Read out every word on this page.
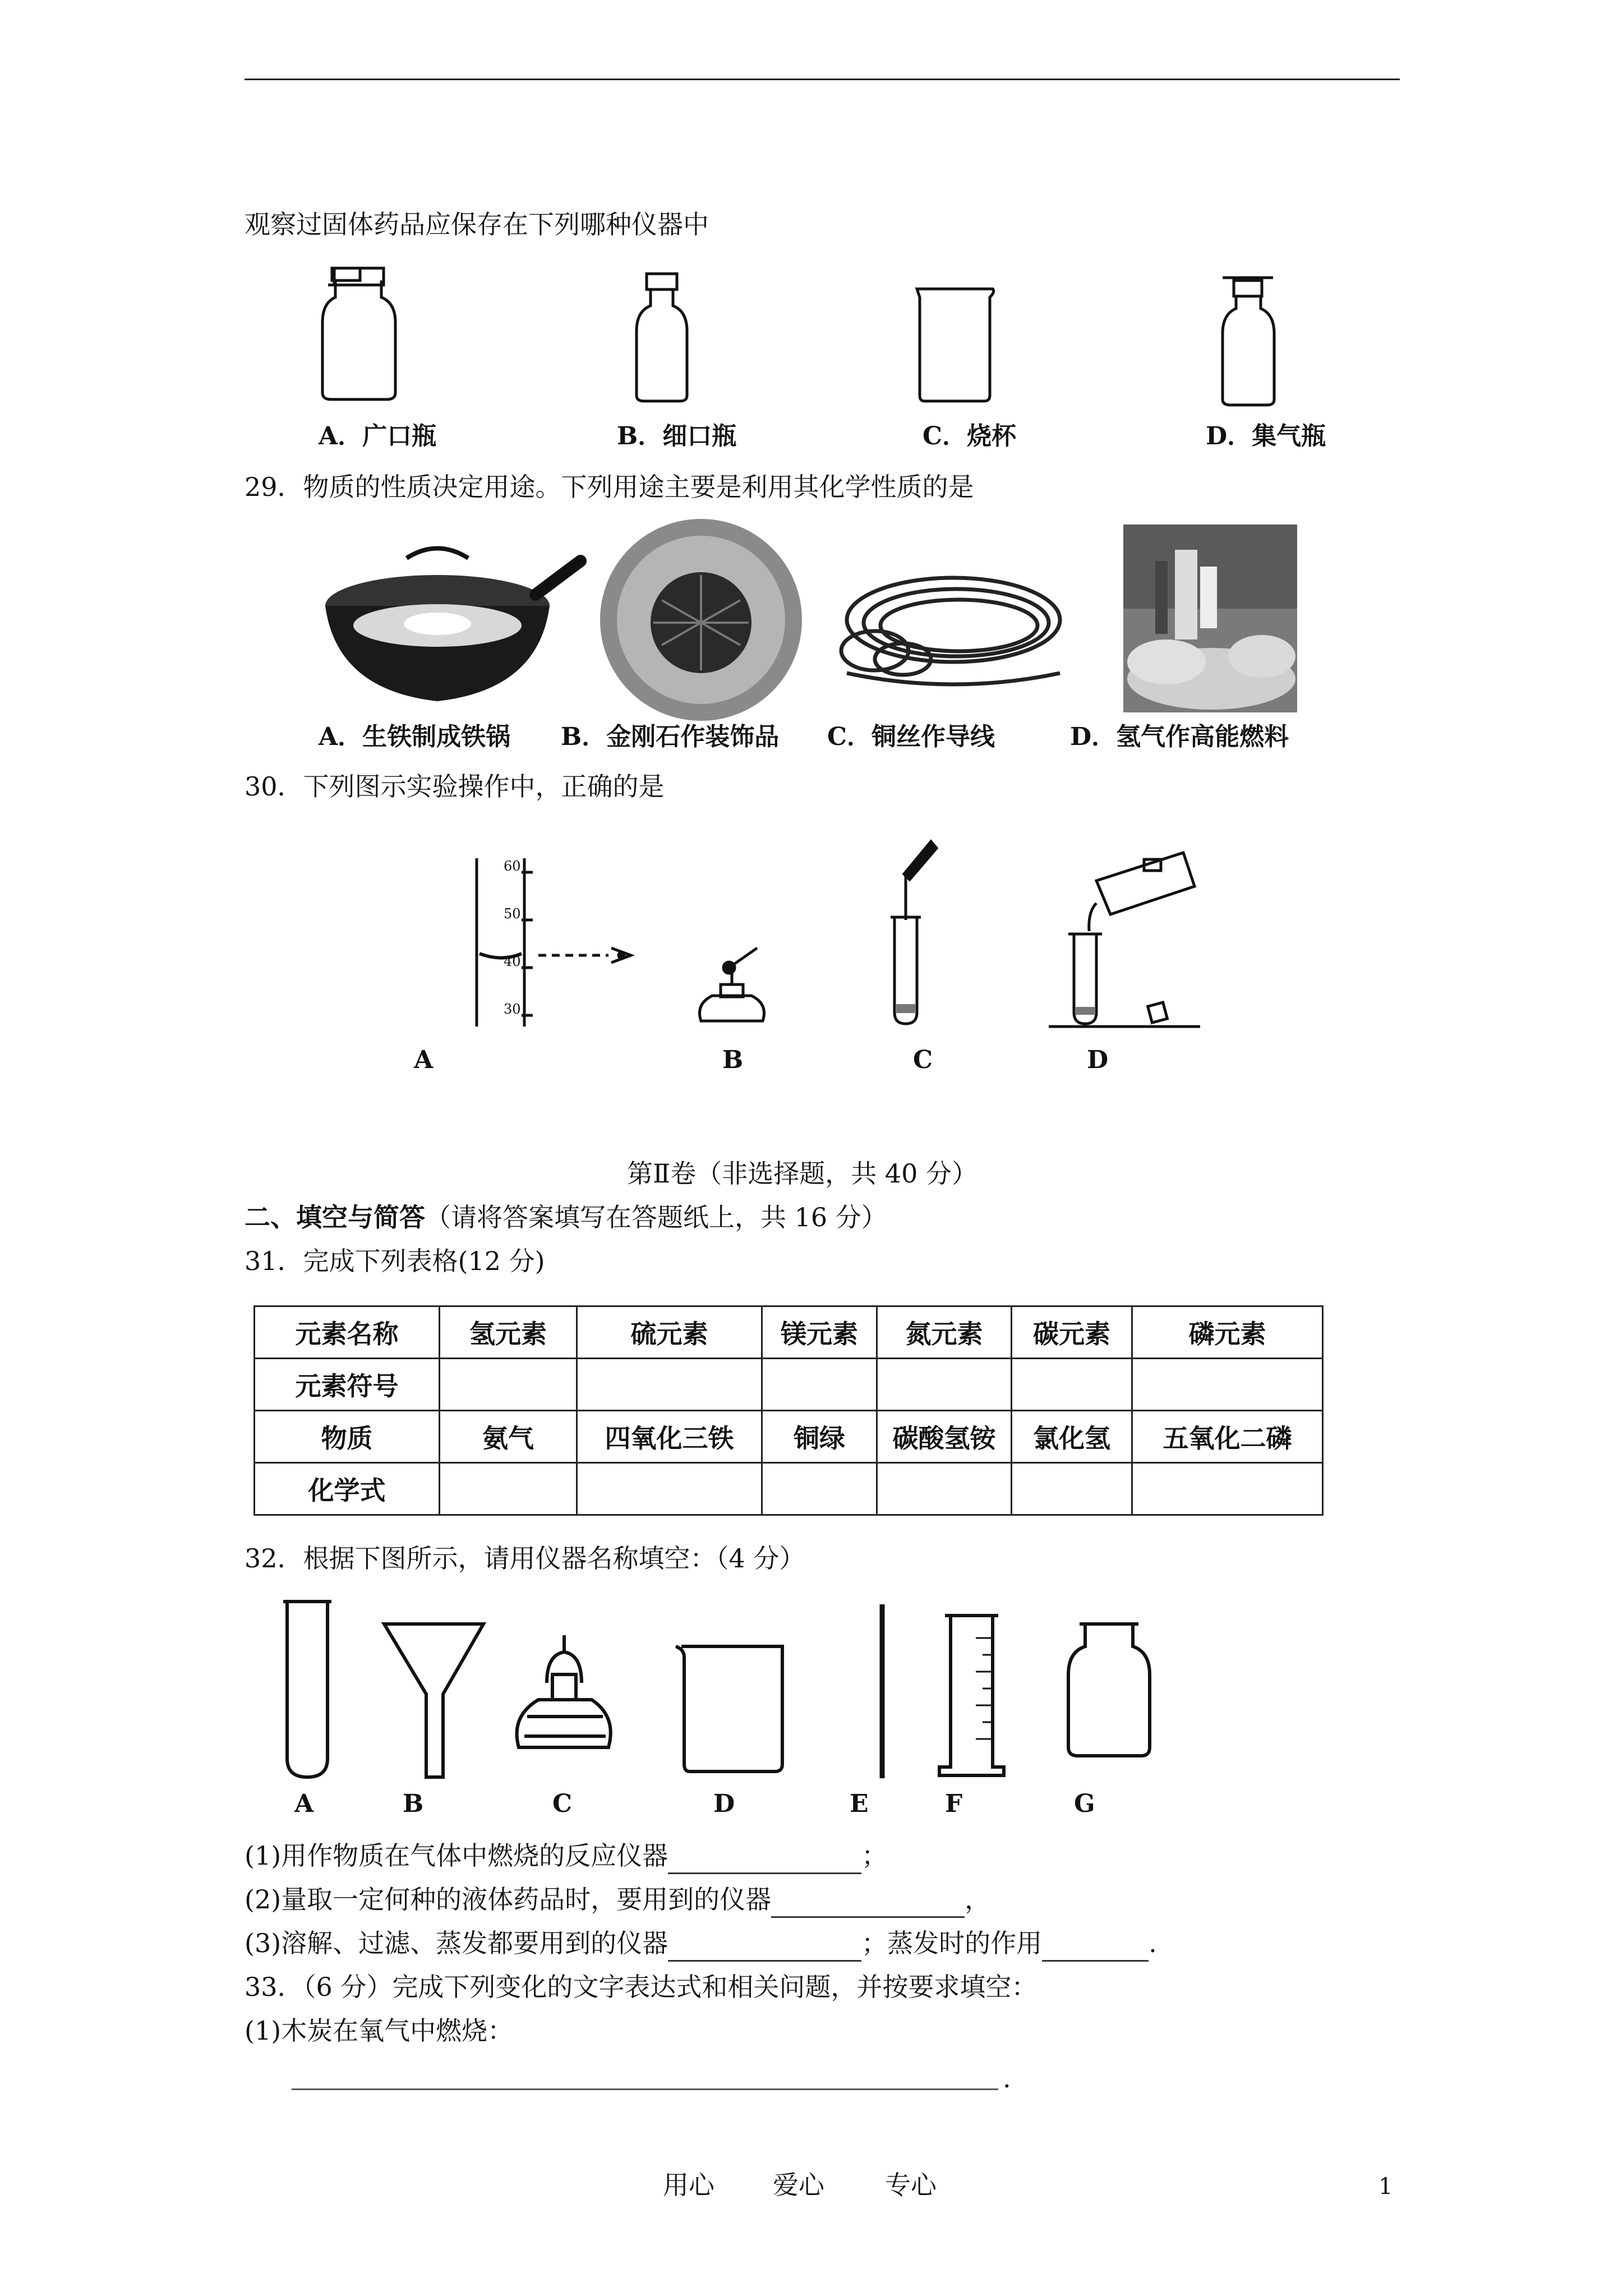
观察过固体药品应保存在下列哪种仪器中
A．广口瓶	B．细口瓶	C．烧杯	D．集气瓶
29．物质的性质决定用途。下列用途主要是利用其化学性质的是
A．生铁制成铁锅 B．金刚石作装饰品 C．铜丝作导线	D．氢气作高能燃料
30．下列图示实验操作中，正确的是
60
50
40
30
A	B	C	D
第Ⅱ卷（非选择题，共 40 分）
二、填空与简答（请将答案填写在答题纸上，共 16 分）
31．完成下列表格(12 分)
元素名称	氢元素	硫元素	镁元素	氮元素	碳元素	磷元素
元素符号						
物质	氨气	四氧化三铁	铜绿	碳酸氢铵	氯化氢	五氧化二磷
化学式						
32．根据下图所示，请用仪器名称填空：（4 分）
A	B	C	D	E	F	G
(1)用作物质在气体中燃烧的反应仪器	；
(2)量取一定何种的液体药品时，要用到的仪器	，
(3)溶解、过滤、蒸发都要用到的仪器	；蒸发时的作用	.
33．（6 分）完成下列变化的文字表达式和相关问题，并按要求填空：
(1)木炭在氧气中燃烧：
.
用心 爱心 专心	1
